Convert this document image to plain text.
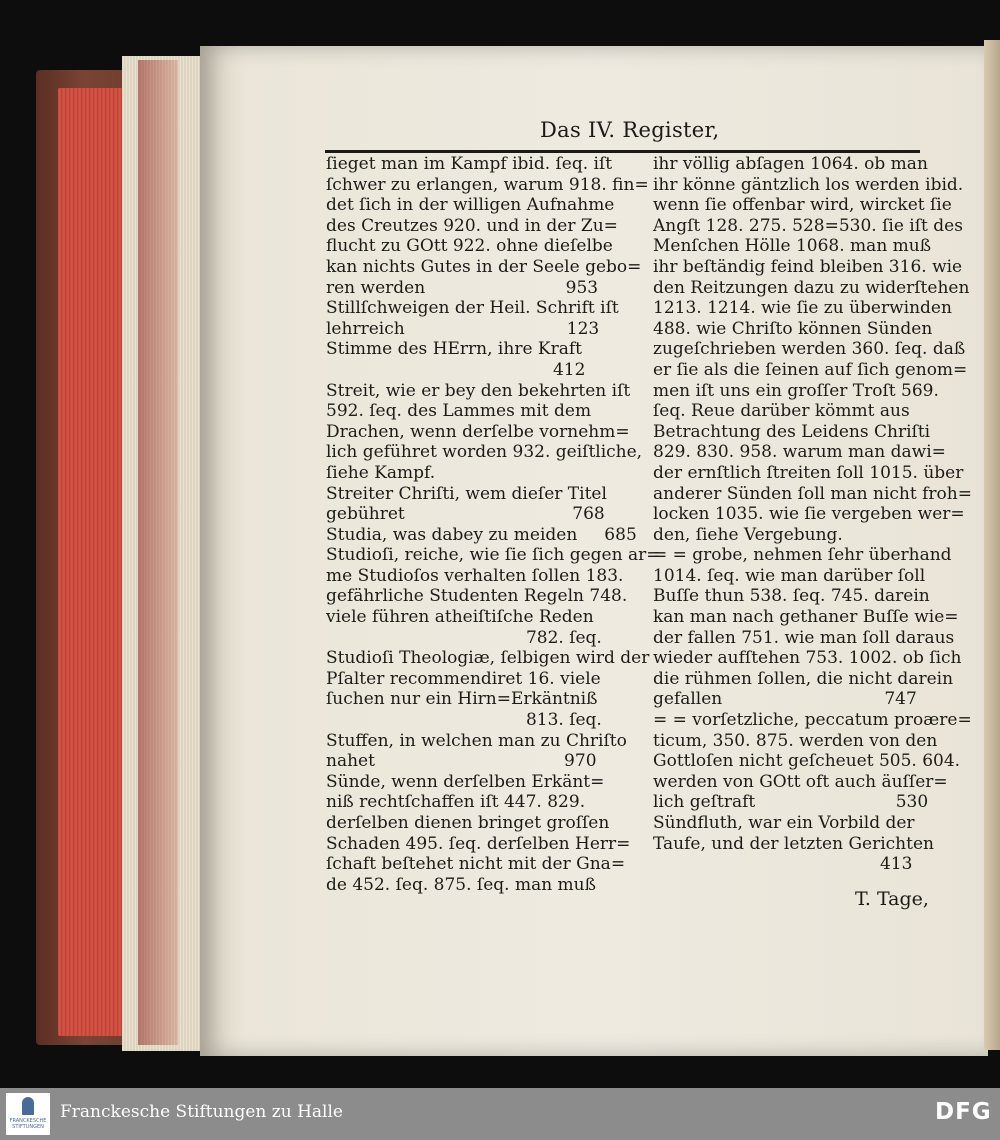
Das IV. Register,
ſieget man im Kampf ibid. ſeq. iſt
ſchwer zu erlangen, warum 918. fin=
det ſich in der willigen Aufnahme
des Creutzes 920. und in der Zu=
flucht zu GOtt 922. ohne dieſelbe
kan nichts Gutes in der Seele gebo=
ren werden                          953
Stillſchweigen der Heil. Schrift iſt
lehrreich                              123
Stimme des HErrn, ihre Kraft
412
Streit, wie er bey den bekehrten iſt
592. ſeq. des Lammes mit dem
Drachen, wenn derſelbe vornehm=
lich geführet worden 932. geiſtliche,
ſiehe Kampf.
Streiter Chriſti, wem dieſer Titel
gebühret                               768
Studia, was dabey zu meiden     685
Studioſi, reiche, wie ſie ſich gegen ar=
me Studioſos verhalten ſollen 183.
gefährliche Studenten Regeln 748.
viele führen atheiſtiſche Reden
782. ſeq.
Studioſi Theologiæ, ſelbigen wird der
Pſalter recommendiret 16. viele
ſuchen nur ein Hirn=Erkäntniß
813. ſeq.
Stuffen, in welchen man zu Chriſto
nahet                                   970
Sünde, wenn derſelben Erkänt=
niß rechtſchaffen iſt 447. 829.
derſelben dienen bringet groſſen
Schaden 495. ſeq. derſelben Herr=
ſchaft beſtehet nicht mit der Gna=
de 452. ſeq. 875. ſeq. man muß
ihr völlig abſagen 1064. ob man
ihr könne gäntzlich los werden ibid.
wenn ſie offenbar wird, wircket ſie
Angſt 128. 275. 528=530. ſie iſt des
Menſchen Hölle 1068. man muß
ihr beſtändig feind bleiben 316. wie
den Reitzungen dazu zu widerſtehen
1213. 1214. wie ſie zu überwinden
488. wie Chriſto können Sünden
zugeſchrieben werden 360. ſeq. daß
er ſie als die ſeinen auf ſich genom=
men iſt uns ein groſſer Troſt 569.
ſeq. Reue darüber kömmt aus
Betrachtung des Leidens Chriſti
829. 830. 958. warum man dawi=
der ernſtlich ſtreiten ſoll 1015. über
anderer Sünden ſoll man nicht froh=
locken 1035. wie ſie vergeben wer=
den, ſiehe Vergebung.
= = grobe, nehmen ſehr überhand
1014. ſeq. wie man darüber ſoll
Buſſe thun 538. ſeq. 745. darein
kan man nach gethaner Buſſe wie=
der fallen 751. wie man ſoll daraus
wieder aufſtehen 753. 1002. ob ſich
die rühmen ſollen, die nicht darein
gefallen                              747
= = vorſetzliche, peccatum proære=
ticum, 350. 875. werden von den
Gottloſen nicht geſcheuet 505. 604.
werden von GOtt oft auch äuſſer=
lich geſtraft                          530
Sündfluth, war ein Vorbild der
Taufe, und der letzten Gerichten
413
T. Tage,
FRANCKESCHE STIFTUNGEN
Franckesche Stiftungen zu Halle	DFG
